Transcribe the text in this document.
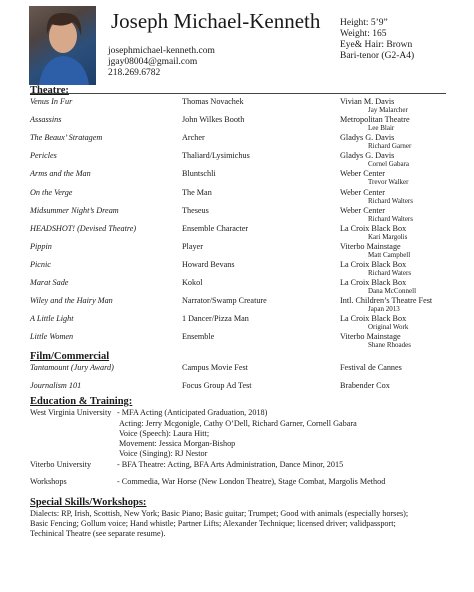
Joseph Michael-Kenneth
josephmichael-kenneth.com
jgay08004@gmail.com
218.269.6782
Height: 5’9”
Weight: 165
Eye& Hair: Brown
Bari-tenor (G2-A4)
Theatre:
Venus In Fur	Thomas Novachek	Vivian M. Davis
Jay Malarcher
Assassins	John Wilkes Booth	Metropolitan Theatre
Lee Blair
The Beaux’ Stratagem	Archer	Gladys G. Davis
Richard Garner
Pericles	Thaliard/Lysimichus	Gladys G. Davis
Cornel Gabara
Arms and the Man	Bluntschli	Weber Center
Trevor Walker
On the Verge	The Man	Weber Center
Richard Walters
Midsummer Night’s Dream	Theseus	Weber Center
Richard Walters
HEADSHOT! (Devised Theatre)	Ensemble Character	La Croix Black Box
Kari Margolis
Pippin	Player	Viterbo Mainstage
Matt Campbell
Picnic	Howard Bevans	La Croix Black Box
Richard Waters
Marat Sade	Kokol	La Croix Black Box
Dana McConnell
Wiley and the Hairy Man	Narrator/Swamp Creature	Intl. Children’s Theatre Fest
Japan 2013
A Little Light	1 Dancer/Pizza Man	La Croix Black Box
Original Work
Little Women	Ensemble	Viterbo Mainstage
Shane Rhoades
Film/Commercial
Tantamount (Jury Award)	Campus Movie Fest	Festival de Cannes
Journalism 101	Focus Group Ad Test	Brabender Cox
Education & Training:
West Virginia University - MFA Acting (Anticipated Graduation, 2018)
Acting: Jerry Mcgonigle, Cathy O’Dell, Richard Garner, Cornell Gabara
Voice (Speech): Laura Hitt;
Movement: Jessica Morgan-Bishop
Voice (Singing): RJ Nestor
Viterbo University	- BFA Theatre: Acting, BFA Arts Administration, Dance Minor, 2015
Workshops	- Commedia, War Horse (New London Theatre), Stage Combat, Margolis Method
Special Skills/Workshops:
Dialects: RP, Irish, Scottish, New York; Basic Piano; Basic guitar; Trumpet; Good with animals (especially horses);
Basic Fencing; Gollum voice; Hand whistle; Partner Lifts; Alexander Technique; licensed driver; validpassport;
Techinical Theatre (see separate resume).
